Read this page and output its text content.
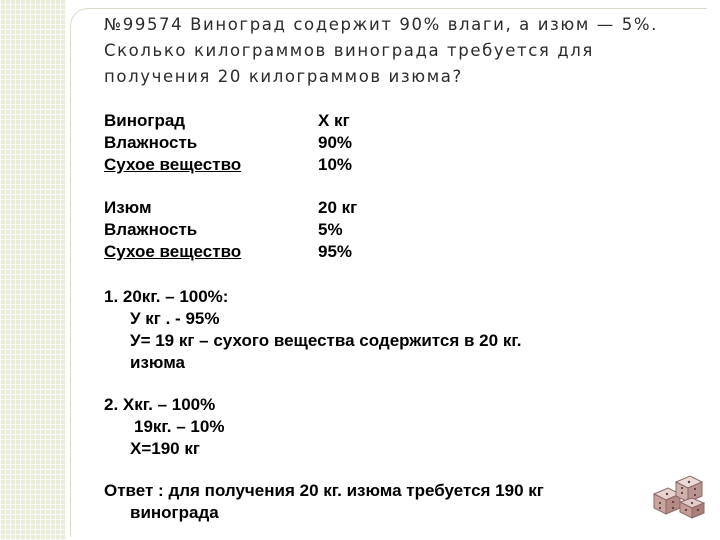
№99574 Виноград содержит 90% влаги, а изюм — 5%. Сколько килограммов винограда требуется для получения 20 килограммов изюма?

Виноград
Влажность
Сухое вещество
Х кг
90%
10%
Изюм
Влажность
Сухое вещество
20 кг
5%
95%
1. 20кг. – 100%:
У кг . - 95%
У= 19 кг – сухого вещества содержится в 20 кг.
изюма
2. Хкг. – 100%
19кг. – 10%
Х=190 кг
Ответ : для получения 20 кг. изюма требуется 190 кг
винограда
